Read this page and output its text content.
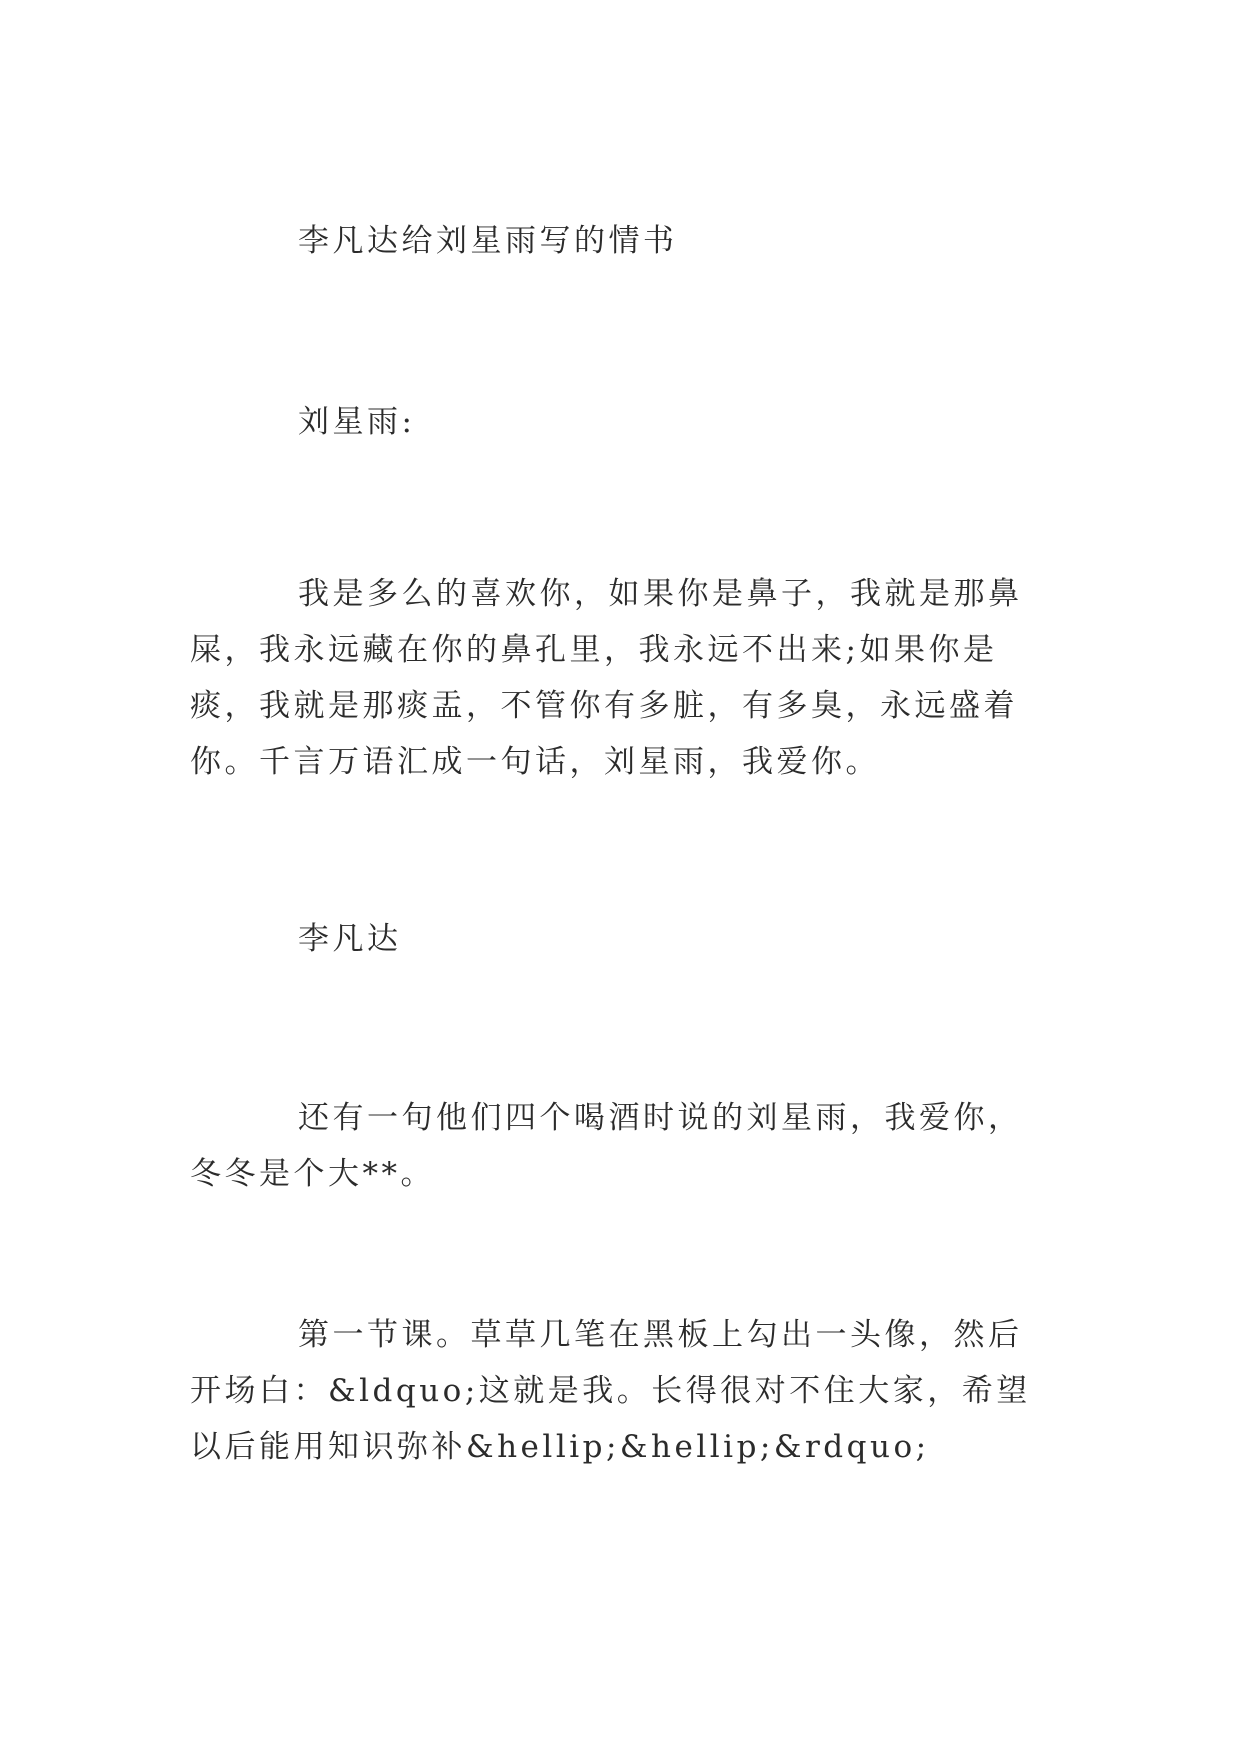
李凡达给刘星雨写的情书

刘星雨:

我是多么的喜欢你，如果你是鼻子，我就是那鼻屎，我永远藏在你的鼻孔里，我永远不出来;如果你是痰，我就是那痰盂，不管你有多脏，有多臭，永远盛着你。千言万语汇成一句话，刘星雨，我爱你。

李凡达

还有一句他们四个喝酒时说的刘星雨，我爱你，冬冬是个大**。

第一节课。草草几笔在黑板上勾出一头像，然后开场白：&ldquo;这就是我。长得很对不住大家，希望以后能用知识弥补&hellip;&hellip;&rdquo;
